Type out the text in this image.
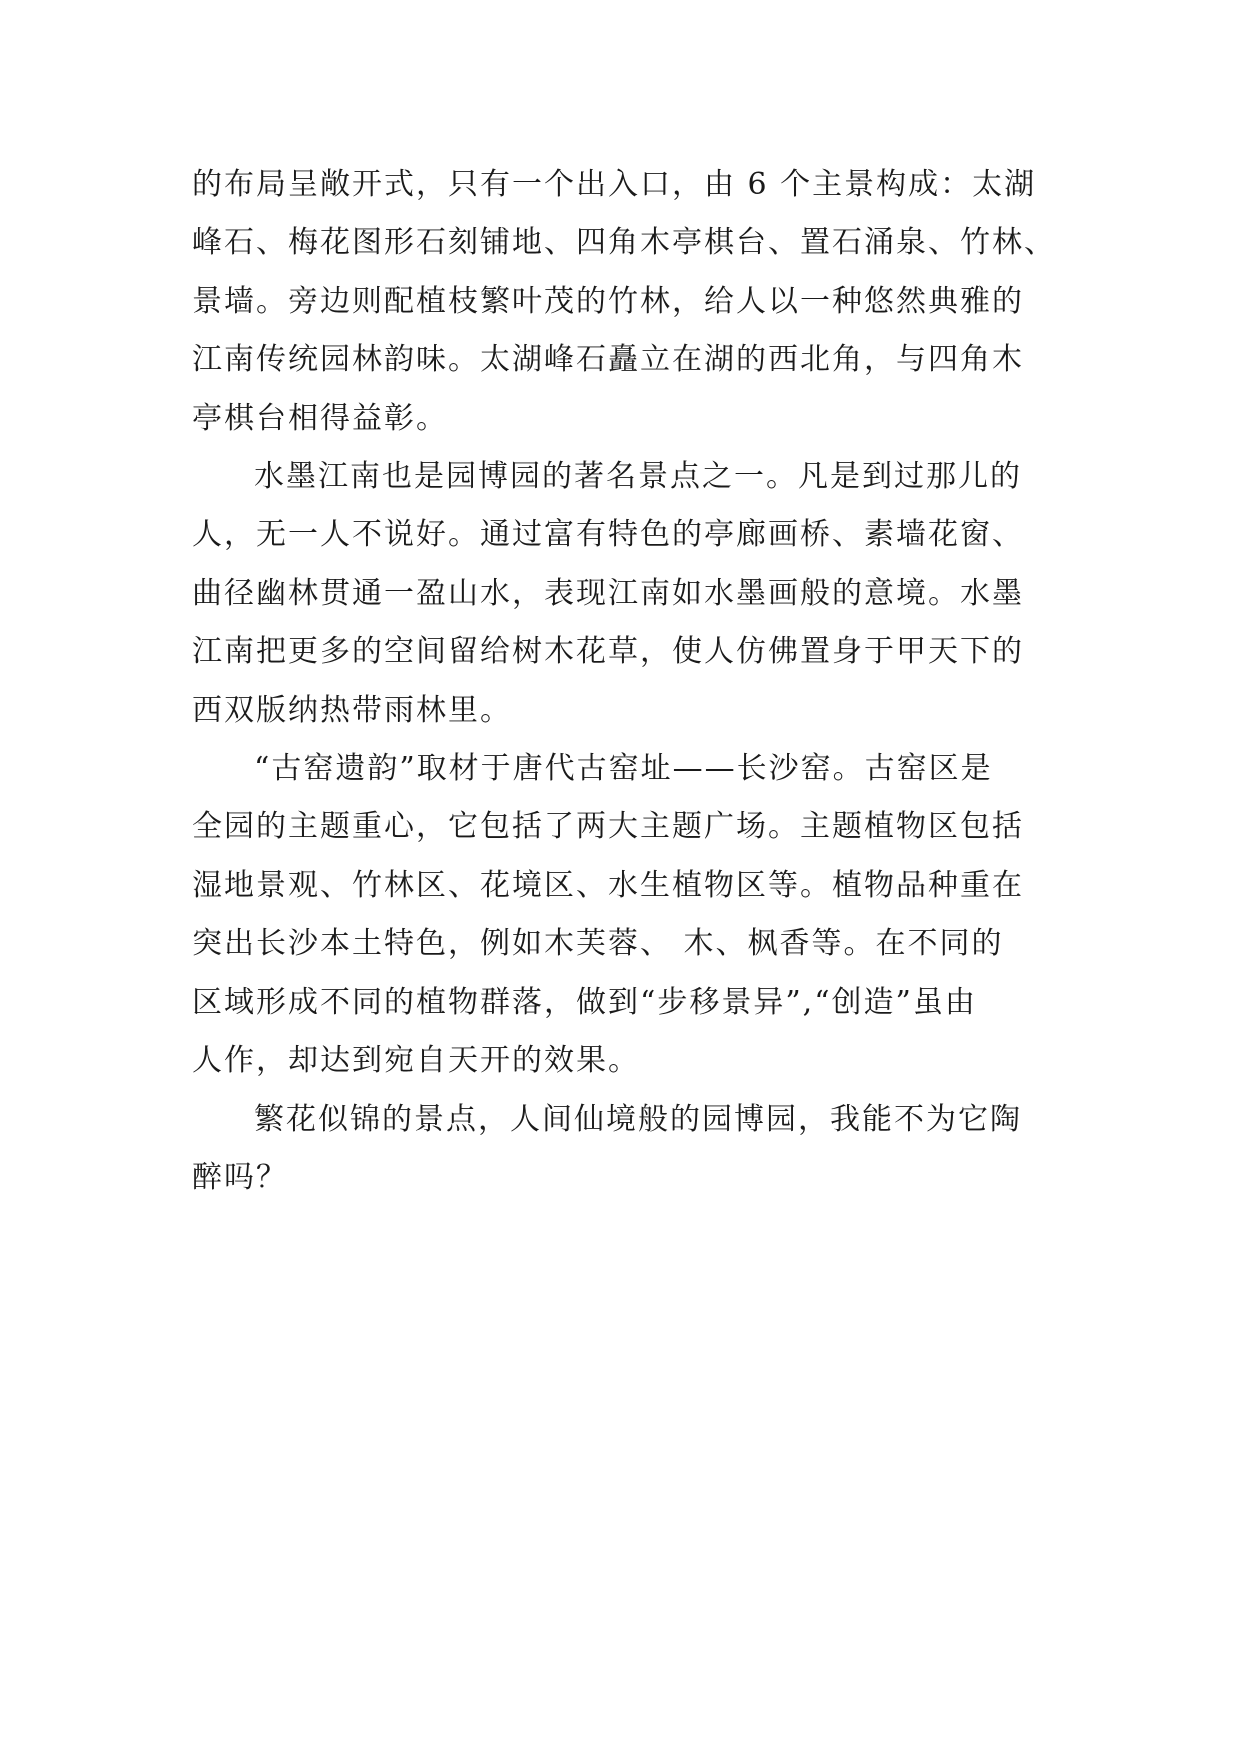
的布局呈敞开式，只有一个出入口，由 6 个主景构成：太湖
峰石、梅花图形石刻铺地、四角木亭棋台、置石涌泉、竹林、
景墙。旁边则配植枝繁叶茂的竹林，给人以一种悠然典雅的
江南传统园林韵味。太湖峰石矗立在湖的西北角，与四角木
亭棋台相得益彰。

水墨江南也是园博园的著名景点之一。凡是到过那儿的
人，无一人不说好。通过富有特色的亭廊画桥、素墙花窗、
曲径幽林贯通一盈山水，表现江南如水墨画般的意境。水墨
江南把更多的空间留给树木花草，使人仿佛置身于甲天下的
西双版纳热带雨林里。

“古窑遗韵”取材于唐代古窑址——长沙窑。古窑区是
全园的主题重心，它包括了两大主题广场。主题植物区包括
湿地景观、竹林区、花境区、水生植物区等。植物品种重在
突出长沙本土特色，例如木芙蓉、 木、枫香等。在不同的
区域形成不同的植物群落，做到“步移景异”,“创造”虽由
人作，却达到宛自天开的效果。

繁花似锦的景点，人间仙境般的园博园，我能不为它陶
醉吗？
